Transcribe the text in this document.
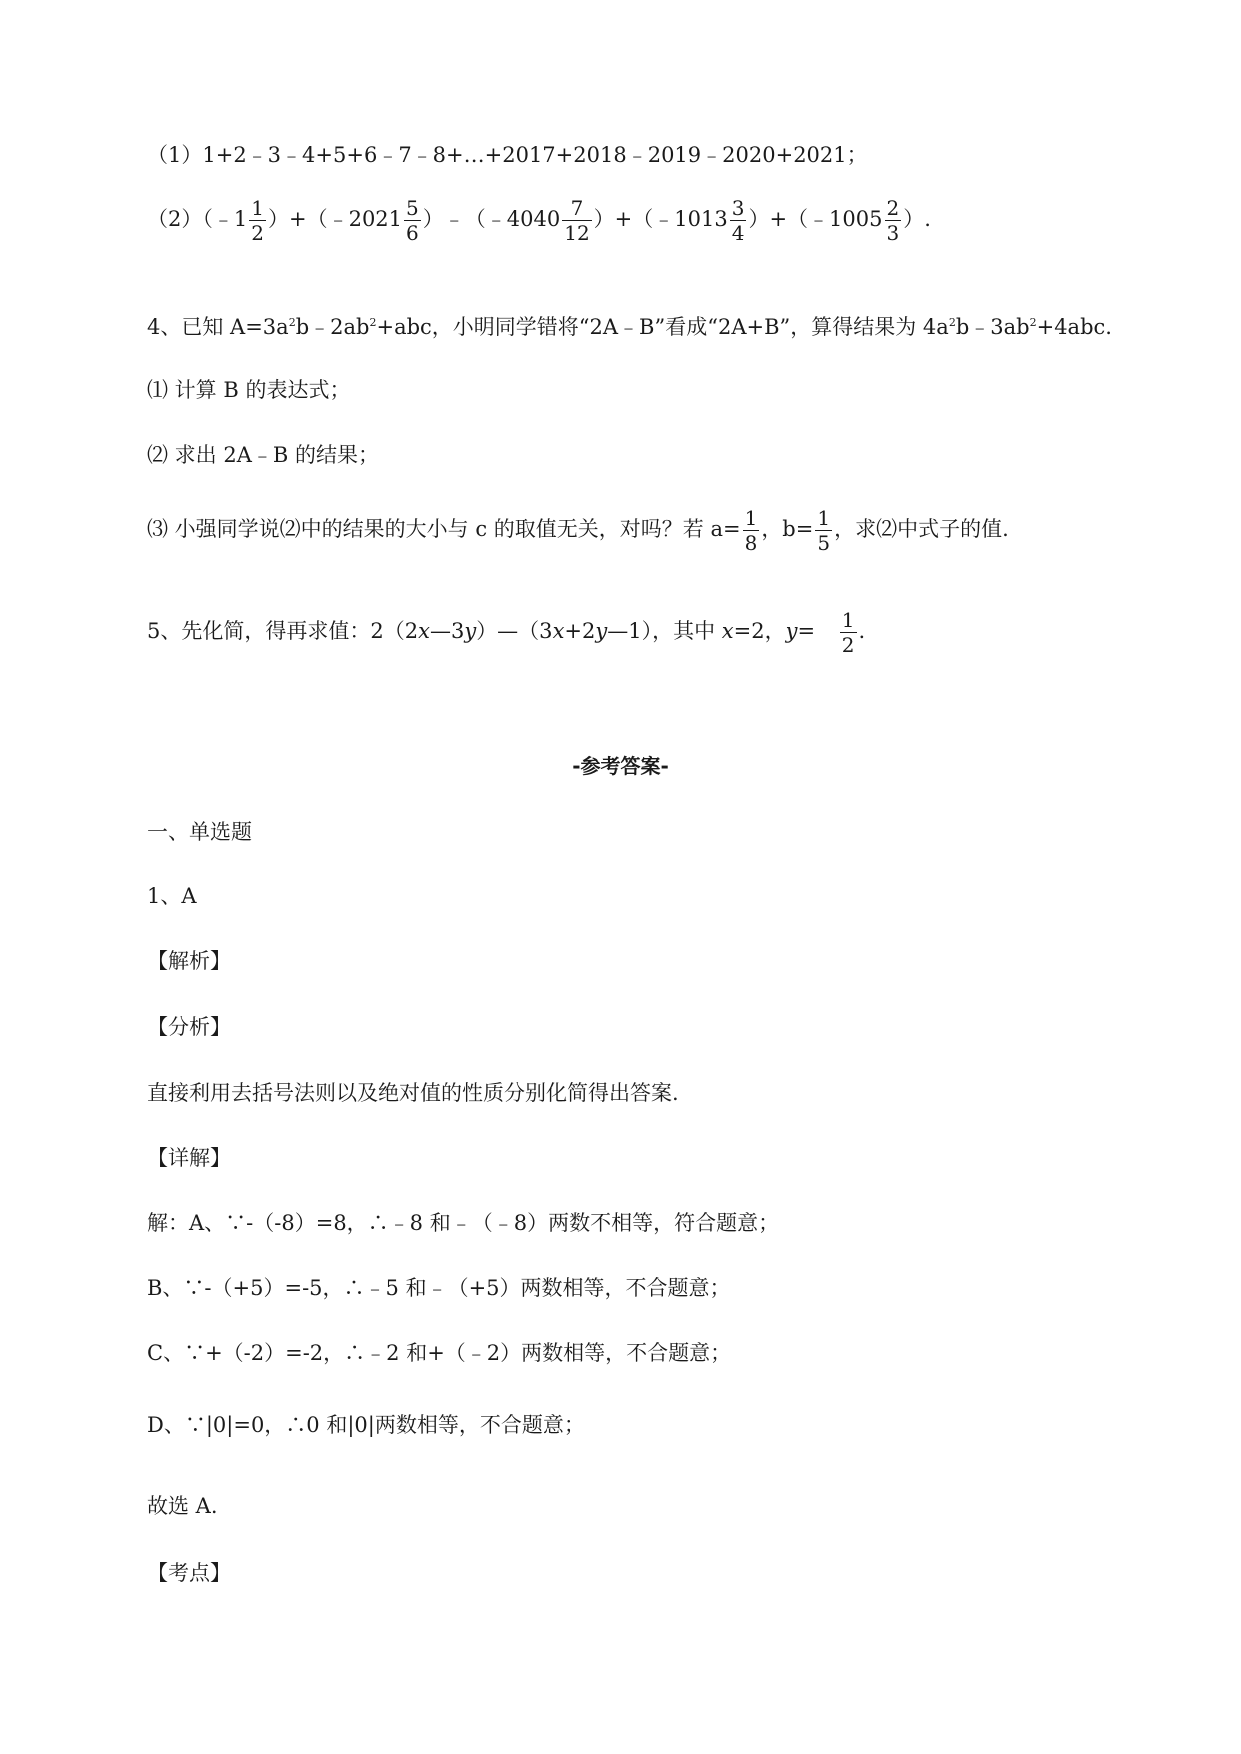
（1）1+2﹣3﹣4+5+6﹣7﹣8+…+2017+2018﹣2019﹣2020+2021；
（2）（﹣1 $\frac{1}{2}$ ）+（﹣2021 $\frac{5}{6}$ ）﹣（﹣4040 $\frac{7}{12}$ ）+（﹣1013 $\frac{3}{4}$ ）+（﹣1005 $\frac{2}{3}$ ）.
4、已知 $A=3a^2b﹣2ab^2+abc$，小明同学错将“2A﹣B”看成“2A+B”，算得结果为 $4a^2b﹣3ab^2+4abc$.
⑴ 计算 B 的表达式；
⑵ 求出 2A﹣B 的结果；
⑶ 小强同学说⑵中的结果的大小与 c 的取值无关，对吗？若 $a= \frac{1}{8}$ ，$b= \frac{1}{5}$ ，求⑵中式子的值.
5、先化简，得再求值：2（2x—3y）—（3x+2y—1），其中 x=2，$y= \frac{1}{2}$ .
-参考答案-
一、单选题
1、A
【解析】
【分析】
直接利用去括号法则以及绝对值的性质分别化简得出答案.
【详解】
解：A、∵-（-8）=8，∴﹣8 和﹣（﹣8）两数不相等，符合题意；
B、∵-（+5）=-5，∴﹣5 和﹣（+5）两数相等，不合题意；
C、∵+（-2）=-2，∴﹣2 和+（﹣2）两数相等，不合题意；
D、∵|0|=0，∴0 和|0|两数相等，不合题意；
故选 A.
【考点】
